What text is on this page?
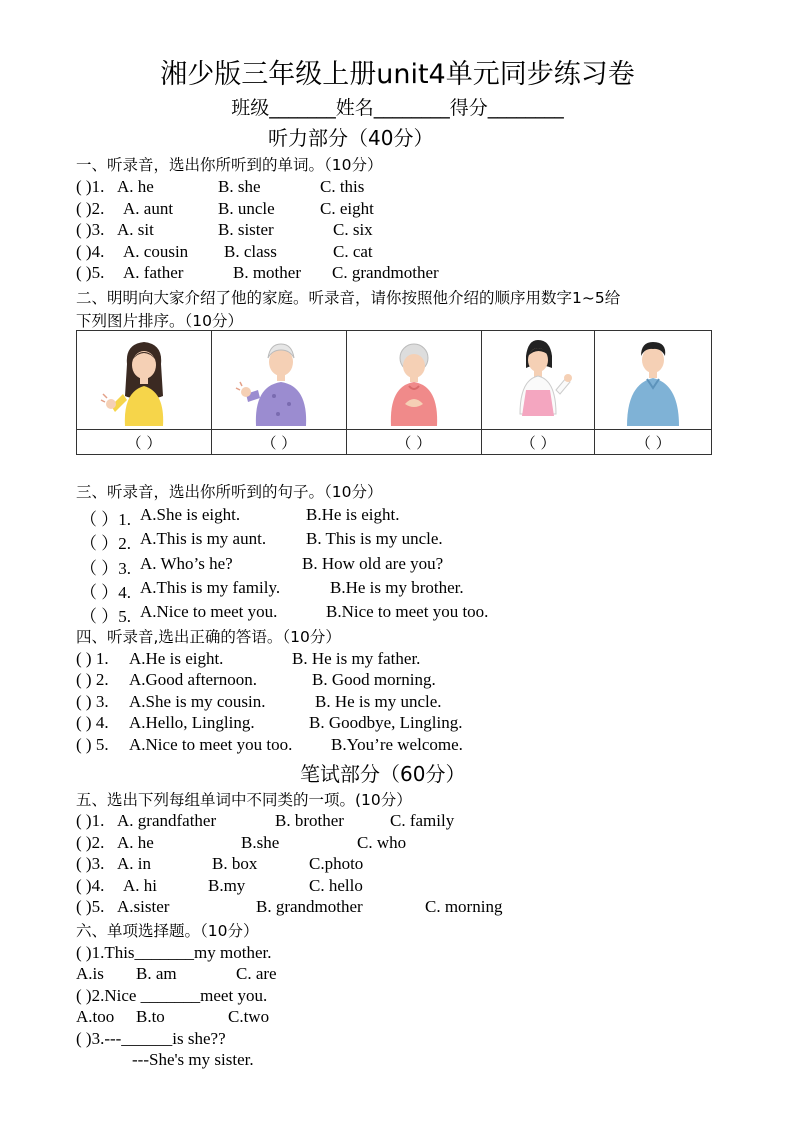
湘少版三年级上册unit4单元同步练习卷
班级_______姓名________得分________
听力部分（40分）
一、听录音，选出你所听到的单词。（10分）
( )1. A. he	B. she	C. this
( )2. A. aunt	B. uncle	C. eight
( )3. A. sit	B. sister	C. six
( )4. A. cousin B. class	C. cat
( )5. A. father	B. mother C. grandmother
二、明明向大家介绍了他的家庭。听录音，请你按照他介绍的顺序用数字1~5给
下列图片排序。（10分）

（ ）	（ ）	（ ）	（ ）	（ ）
三、听录音，选出你所听到的句子。（10分）
（ ）1. A.She is eight.	B.He is eight.
（ ）2. A.This is my aunt. B. This is my uncle.
（ ）3. A. Who’s he?	B. How old are you?
（ ）4. A.This is my family.	B.He is my brother.
（ ）5. A.Nice to meet you.	B.Nice to meet you too.
四、听录音,选出正确的答语。（10分）
( ) 1. A.He is eight.	B. He is my father.
( ) 2. A.Good afternoon.	B. Good morning.
( ) 3. A.She is my cousin.	B. He is my uncle.
( ) 4. A.Hello, Lingling.	B. Goodbye, Lingling.
( ) 5. A.Nice to meet you too. B.You’re welcome.
笔试部分（60分）
五、选出下列每组单词中不同类的一项。(10分）
( )1. A. grandfather	B. brother	C. family
( )2. A. he	B.she	C. who
( )3. A. in	B. box	C.photo
( )4. A. hi	B.my	C. hello
( )5. A.sister	B. grandmother	C. morning
六、单项选择题。（10分）
( )1.This_______my mother.
A.is B. am	C. are
( )2.Nice _______meet you.
A.too B.to	C.two
( )3.---______is she??
---She's my sister.
